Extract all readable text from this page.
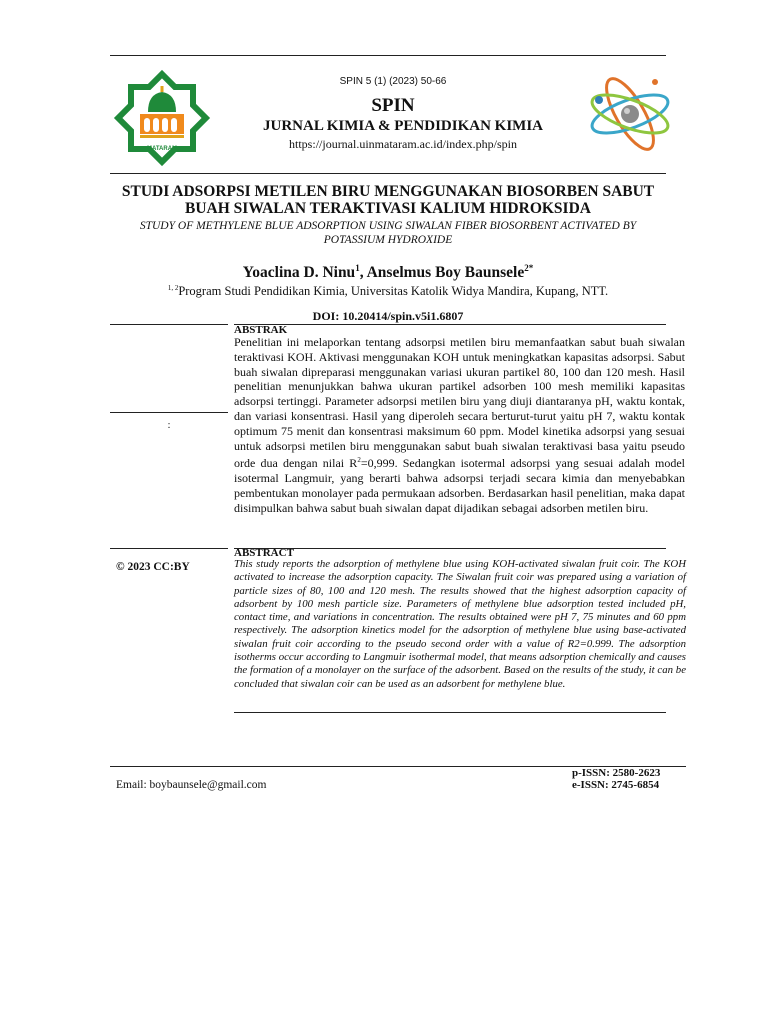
MATARAM
SPIN 5 (1) (2023) 50-66
SPIN
JURNAL KIMIA & PENDIDIKAN KIMIA
https://journal.uinmataram.ac.id/index.php/spin
STUDI ADSORPSI METILEN BIRU MENGGUNAKAN BIOSORBEN SABUT BUAH SIWALAN TERAKTIVASI KALIUM HIDROKSIDA
STUDY OF METHYLENE BLUE ADSORPTION USING SIWALAN FIBER BIOSORBENT ACTIVATED BY POTASSIUM HYDROXIDE
Yoaclina D. Ninu$^1$, Anselmus Boy Baunsele$^{2*}$
$^{1, 2}$Program Studi Pendidikan Kimia, Universitas Katolik Widya Mandira, Kupang, NTT.
DOI: 10.20414/spin.v5i1.6807
:
© 2023 CC:BY
ABSTRAK

Penelitian ini melaporkan tentang adsorpsi metilen biru memanfaatkan sabut buah siwalan teraktivasi KOH. Aktivasi menggunakan KOH untuk meningkatkan kapasitas adsorpsi. Sabut buah siwalan dipreparasi menggunakan variasi ukuran partikel 80, 100 dan 120 mesh. Hasil penelitian menunjukkan bahwa ukuran partikel adsorben 100 mesh memiliki kapasitas adsorpsi tertinggi. Parameter adsorpsi metilen biru yang diuji diantaranya pH, waktu kontak, dan variasi konsentrasi. Hasil yang diperoleh secara berturut-turut yaitu pH 7, waktu kontak optimum 75 menit dan konsentrasi maksimum 60 ppm. Model kinetika adsorpsi yang sesuai untuk adsorpsi metilen biru menggunakan sabut buah siwalan teraktivasi basa yaitu pseudo orde dua dengan nilai $R^2=0,999$. Sedangkan isotermal adsorpsi yang sesuai adalah model isotermal Langmuir, yang berarti bahwa adsorpsi terjadi secara kimia dan menyebabkan pembentukan monolayer pada permukaan adsorben. Berdasarkan hasil penelitian, maka dapat disimpulkan bahwa sabut buah siwalan dapat dijadikan sebagai adsorben metilen biru.

ABSTRACT

This study reports the adsorption of methylene blue using KOH-activated siwalan fruit coir. The KOH activated to increase the adsorption capacity. The Siwalan fruit coir was prepared using a variation of particle sizes of 80, 100 and 120 mesh. The results showed that the highest adsorption capacity of adsorbent by 100 mesh particle size. Parameters of methylene blue adsorption tested included pH, contact time, and variations in concentration. The results obtained were pH 7, 75 minutes and 60 ppm respectively. The adsorption kinetics model for the adsorption of methylene blue using base-activated siwalan fruit coir according to the pseudo second order with a value of R2=0.999. The adsorption isotherms occur according to Langmuir isothermal model, that means adsorption chemically and causes the formation of a monolayer on the surface of the adsorbent. Based on the results of the study, it can be concluded that siwalan coir can be used as an adsorbent for methylene blue.

p-ISSN: 2580-2623
e-ISSN: 2745-6854
Email: boybaunsele@gmail.com
